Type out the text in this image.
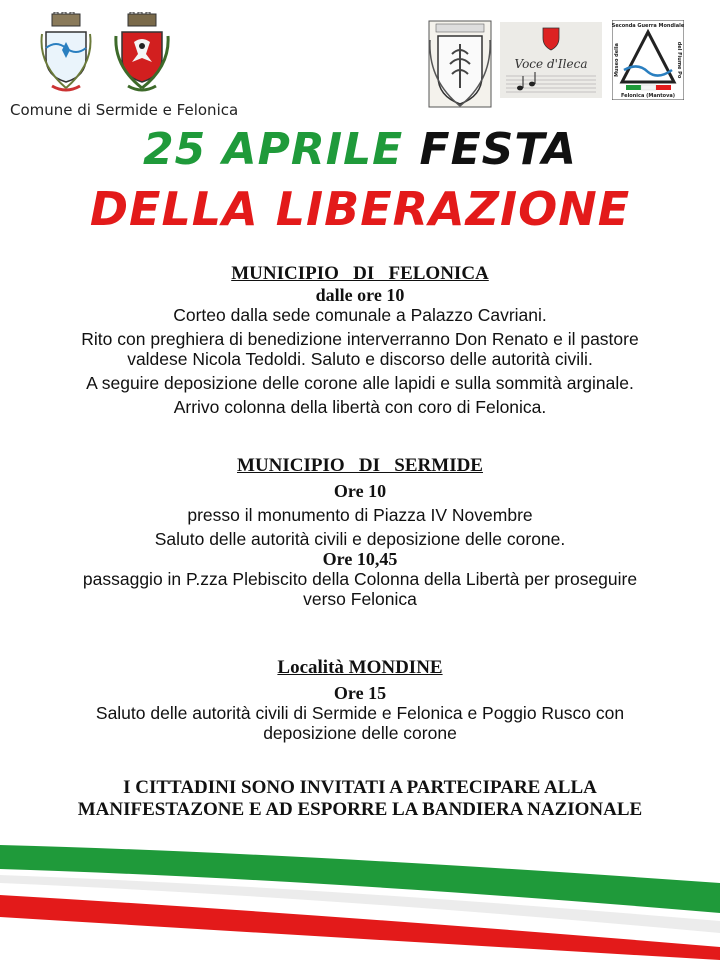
Comune di Sermide e Felonica
Voce d'Ileca
Seconda Guerra Mondiale
Museo della	del Fiume Po
Felonica (Mantova)
25 APRILE FESTA
DELLA LIBERAZIONE
MUNICIPIO   DI   FELONICA
dalle ore 10
Corteo dalla sede comunale a Palazzo Cavriani.
Rito con preghiera di benedizione interverranno Don Renato e il pastore
valdese Nicola Tedoldi. Saluto e discorso delle autorità civili.
A seguire deposizione delle corone alle lapidi e sulla sommità arginale.
Arrivo colonna della libertà con coro di Felonica.
MUNICIPIO   DI   SERMIDE
Ore 10
presso il monumento di Piazza IV Novembre
Saluto delle autorità civili e deposizione delle corone.
Ore 10,45
passaggio in P.zza Plebiscito della Colonna della Libertà per proseguire
verso Felonica
Località MONDINE
Ore 15
Saluto delle autorità civili di Sermide e Felonica e Poggio Rusco con
deposizione delle corone
I CITTADINI SONO INVITATI A PARTECIPARE ALLA
MANIFESTAZONE E AD ESPORRE LA BANDIERA NAZIONALE
